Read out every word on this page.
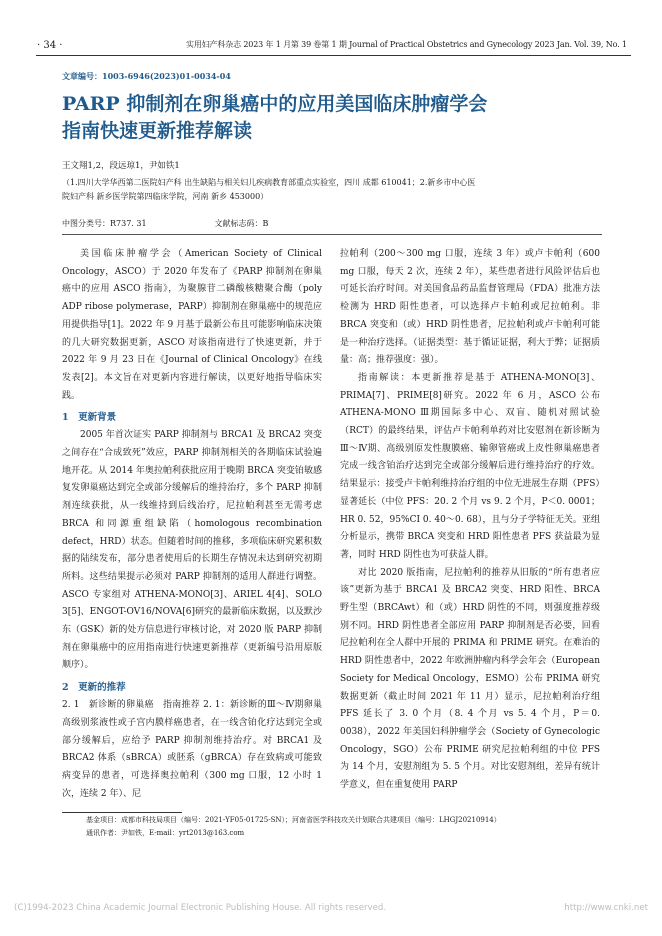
· 34 ·	实用妇产科杂志 2023 年 1 月第 39 卷第 1 期 Journal of Practical Obstetrics and Gynecology 2023 Jan. Vol. 39, No. 1
文章编号：1003-6946(2023)01-0034-04
PARP 抑制剂在卵巢癌中的应用美国临床肿瘤学会
指南快速更新推荐解读
王文翔1,2，段远琼1，尹如铁1
（1.四川大学华西第二医院妇产科 出生缺陷与相关妇儿疾病教育部重点实验室，四川 成都 610041；2.新乡市中心医
院妇产科 新乡医学院第四临床学院，河南 新乡 453000）
中图分类号：R737. 31	文献标志码：B

美国临床肿瘤学会（American Society of Clinical Oncology，ASCO）于 2020 年发布了《PARP 抑制剂在卵巢癌中的应用 ASCO 指南》，为聚腺苷二磷酸核糖聚合酶（poly ADP ribose polymerase，PARP）抑制剂在卵巢癌中的规范应用提供指导[1]。2022 年 9 月基于最新公布且可能影响临床决策的几大研究数据更新，ASCO 对该指南进行了快速更新，并于 2022 年 9 月 23 日在《Journal of Clinical Oncology》在线发表[2]。本文旨在对更新内容进行解读，以更好地指导临床实践。

1　更新背景

2005 年首次证实 PARP 抑制剂与 BRCA1 及 BRCA2 突变之间存在“合成致死”效应，PARP 抑制剂相关的各期临床试验遍地开花。从 2014 年奥拉帕利获批应用于晚期 BRCA 突变铂敏感复发卵巢癌达到完全或部分缓解后的维持治疗，多个 PARP 抑制剂连续获批，从一线维持到后线治疗，尼拉帕利甚至无需考虑 BRCA 和同源重组缺陷（homologous recombination defect，HRD）状态。但随着时间的推移，多项临床研究累积数据的陆续发布，部分患者使用后的长期生存情况未达到研究初期所料。这些结果提示必须对 PARP 抑制剂的适用人群进行调整。ASCO 专家组对 ATHENA-MONO[3]、ARIEL 4[4]、SOLO 3[5]、ENGOT-OV16/NOVA[6]研究的最新临床数据，以及默沙东（GSK）新的处方信息进行审核讨论，对 2020 版 PARP 抑制剂在卵巢癌中的应用指南进行快速更新推荐（更新编号沿用原版顺序）。

2　更新的推荐

2. 1　新诊断的卵巢癌　指南推荐 2. 1：新诊断的Ⅲ～Ⅳ期卵巢高级别浆液性或子宫内膜样癌患者，在一线含铂化疗达到完全或部分缓解后，应给予 PARP 抑制剂维持治疗。对 BRCA1 及 BRCA2 体系（sBRCA）或胚系（gBRCA）存在致病或可能致病变异的患者，可选择奥拉帕利（300 mg 口服，12 小时 1 次，连续 2 年）、尼

拉帕利（200～300 mg 口服，连续 3 年）或卢卡帕利（600 mg 口服，每天 2 次，连续 2 年），某些患者进行风险评估后也可延长治疗时间。对美国食品药品监督管理局（FDA）批准方法检测为 HRD 阳性患者，可以选择卢卡帕利或尼拉帕利。非 BRCA 突变和（或）HRD 阴性患者，尼拉帕利或卢卡帕利可能是一种治疗选择。（证据类型：基于循证证据，利大于弊；证据质量：高；推荐强度：强）。

指南解读：本更新推荐是基于 ATHENA-MONO[3]、PRIMA[7]、PRIME[8]研究。2022 年 6 月，ASCO 公布 ATHENA-MONO Ⅲ期国际多中心、双盲、随机对照试验（RCT）的最终结果，评估卢卡帕利单药对比安慰剂在新诊断为Ⅲ～Ⅳ期、高级别原发性腹膜癌、输卵管癌或上皮性卵巢癌患者完成一线含铂治疗达到完全或部分缓解后进行维持治疗的疗效。结果显示：接受卢卡帕利维持治疗组的中位无进展生存期（PFS）显著延长（中位 PFS：20. 2 个月 vs 9. 2 个月，P＜0. 0001；HR 0. 52，95%CI 0. 40～0. 68），且与分子学特征无关。亚组分析显示，携带 BRCA 突变和 HRD 阳性患者 PFS 获益最为显著，同时 HRD 阴性也为可获益人群。

对比 2020 版指南，尼拉帕利的推荐从旧版的“所有患者应该”更新为基于 BRCA1 及 BRCA2 突变、HRD 阳性、BRCA 野生型（BRCAwt）和（或）HRD 阴性的不同，则强度推荐级别不同。HRD 阴性患者全部应用 PARP 抑制剂是否必要，回看尼拉帕利在全人群中开展的 PRIMA 和 PRIME 研究。在难治的 HRD 阴性患者中，2022 年欧洲肿瘤内科学会年会（European Society for Medical Oncology，ESMO）公布 PRIMA 研究数据更新（截止时间 2021 年 11 月）显示，尼拉帕利治疗组 PFS 延长了 3. 0 个月（8. 4 个月 vs 5. 4 个月，P＝0. 0038），2022 年美国妇科肿瘤学会（Society of Gynecologic Oncology，SGO）公布 PRIME 研究尼拉帕利组的中位 PFS 为 14 个月，安慰剂组为 5. 5 个月。对比安慰剂组，差异有统计学意义，但在重复使用 PARP

基金项目：成都市科技局项目（编号：2021-YF05-01725-SN）；河南省医学科技攻关计划联合共建项目（编号：LHGJ20210914）
通讯作者：尹如铁，E-mail：yrt2013@163.com
(C)1994-2023 China Academic Journal Electronic Publishing House. All rights reserved.	http://www.cnki.net
